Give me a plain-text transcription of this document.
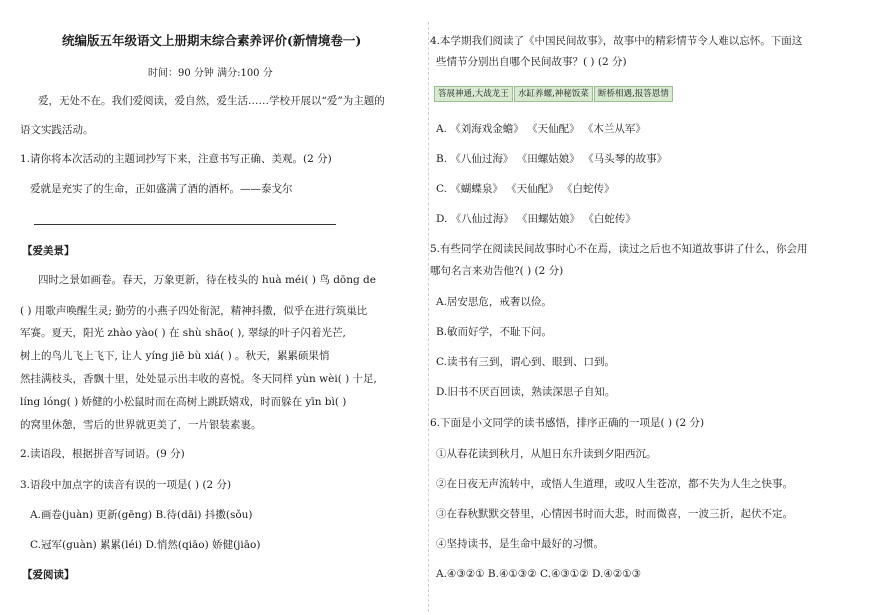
统编版五年级语文上册期末综合素养评价(新情境卷一)
时间：90 分钟 满分:100 分
爱，无处不在。我们爱阅读，爱自然，爱生活……学校开展以“爱”为主题的
语文实践活动。
1.请你将本次活动的主题词抄写下来，注意书写正确、美观。(2 分)
爱就是充实了的生命，正如盛满了酒的酒杯。——泰戈尔
【爱美景】
四时之景如画卷。春天，万象更新，待在枝头的 huà méi( ) 鸟 dōng de
( ) 用歌声唤醒生灵; 勤劳的小燕子四处衔泥，精神抖擞，似乎在进行筑巢比
军赛。夏天，阳光 zhào yào( ) 在 shù shāo( ), 翠绿的叶子闪着光芒,
树上的鸟儿飞上飞下, 让人 yíng jiē bù xiá( ) 。秋天，累累硕果悄
然挂满枝头，香飘十里，处处显示出丰收的喜悦。冬天同样 yùn wèi( ) 十足,
líng lóng( ) 娇健的小松鼠时而在高树上跳跃嬉戏，时而躲在 yīn bì( )
的窝里休憩，雪后的世界就更美了，一片银装素裹。
2.读语段，根据拼音写词语。(9 分)
3.语段中加点字的读音有误的一项是( ) (2 分)
A.画卷(juàn) 更新(gēng) B.待(dāi) 抖擞(sǒu)
C.冠军(guàn) 累累(léi) D.悄然(qiāo) 娇健(jiāo)
【爱阅读】
4.本学期我们阅读了《中国民间故事》，故事中的精彩情节令人难以忘怀。下面这
些情节分别出自哪个民间故事？( ) (2 分)
答展神通,大战龙王	水缸养螺,神秘饭菜	断桥相遇,报答恩情
A. 《刘海戏金蟾》 《天仙配》 《木兰从军》
B. 《八仙过海》 《田螺姑娘》 《马头琴的故事》
C. 《蝴蝶泉》 《天仙配》 《白蛇传》
D. 《八仙过海》 《田螺姑娘》 《白蛇传》
5.有些同学在阅读民间故事时心不在焉，读过之后也不知道故事讲了什么，你会用
哪句名言来劝告他?( ) (2 分)
A.居安思危，戒奢以俭。
B.敏而好学，不耻下问。
C.读书有三到，谓心到、眼到、口到。
D.旧书不厌百回读，熟读深思子自知。
6.下面是小文同学的读书感悟，排序正确的一项是( ) (2 分)
①从春花读到秋月，从旭日东升读到夕阳西沉。
②在日夜无声流转中，或悟人生道理，或叹人生苍凉，都不失为人生之快事。
③在春秋默默交替里，心情因书时而大悲，时而微喜，一波三折，起伏不定。
④坚持读书，是生命中最好的习惯。
A.④③②① B.④①③② C.④③①② D.④②①③
